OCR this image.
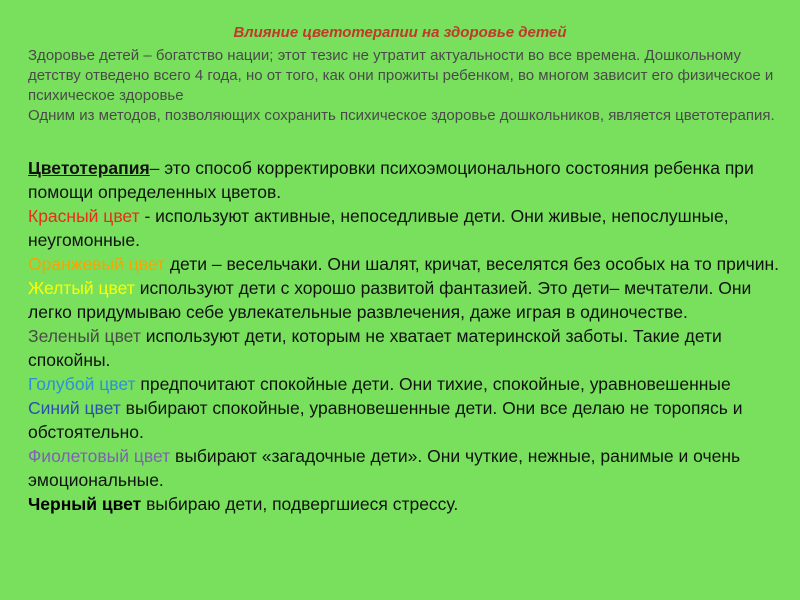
Влияние цветотерапии на здоровье детей

Здоровье детей – богатство нации; этот тезис не утратит актуальности во все времена. Дошкольному детству отведено всего 4 года, но от того, как они прожиты ребенком, во многом зависит его физическое и психическое здоровье

Одним из методов, позволяющих сохранить психическое здоровье дошкольников, является цветотерапия.

Цветотерапия– это способ корректировки психоэмоционального состояния ребенка при помощи определенных цветов.

Красный цвет - используют активные, непоседливые дети. Они живые, непослушные, неугомонные.

Оранжевый цвет дети – весельчаки. Они шалят, кричат, веселятся без особых на то причин.

Желтый цвет используют дети с хорошо развитой фантазией. Это дети– мечтатели. Они легко придумываю себе увлекательные развлечения, даже играя в одиночестве.

Зеленый цвет используют дети, которым не хватает материнской заботы. Такие дети спокойны.

Голубой цвет предпочитают спокойные дети. Они тихие, спокойные, уравновешенные

Синий цвет выбирают спокойные, уравновешенные дети. Они все делаю не торопясь и обстоятельно.

Фиолетовый цвет выбирают «загадочные дети». Они чуткие, нежные, ранимые и очень эмоциональные.

Черный цвет выбираю дети, подвергшиеся стрессу.
